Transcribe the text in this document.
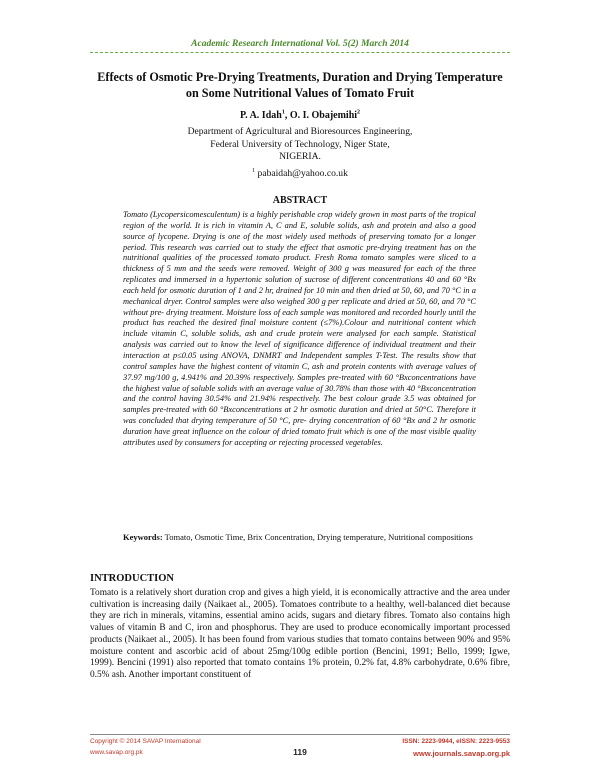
Academic Research International Vol. 5(2) March 2014
Effects of Osmotic Pre-Drying Treatments, Duration and Drying Temperature on Some Nutritional Values of Tomato Fruit
P. A. Idah$^1$, O. I. Obajemihi$^2$
Department of Agricultural and Bioresources Engineering,
Federal University of Technology, Niger State,
NIGERIA.
$^1$ pabaidah@yahoo.co.uk
ABSTRACT
Tomato (Lycopersicomesculentum) is a highly perishable crop widely grown in most parts of the tropical region of the world. It is rich in vitamin A, C and E, soluble solids, ash and protein and also a good source of lycopene. Drying is one of the most widely used methods of preserving tomato for a longer period. This research was carried out to study the effect that osmotic pre-drying treatment has on the nutritional qualities of the processed tomato product. Fresh Roma tomato samples were sliced to a thickness of 5 mm and the seeds were removed. Weight of 300 g was measured for each of the three replicates and immersed in a hypertonic solution of sucrose of different concentrations 40 and 60 °Bx each held for osmotic duration of 1 and 2 hr, drained for 10 min and then dried at 50, 60, and 70 °C in a mechanical dryer. Control samples were also weighed 300 g per replicate and dried at 50, 60, and 70 °C without pre- drying treatment. Moisture loss of each sample was monitored and recorded hourly until the product has reached the desired final moisture content (≤7%).Colour and nutritional content which include vitamin C, soluble solids, ash and crude protein were analysed for each sample. Statistical analysis was carried out to know the level of significance difference of individual treatment and their interaction at p≤0.05 using ANOVA, DNMRT and Independent samples T-Test. The results show that control samples have the highest content of vitamin C, ash and protein contents with average values of 37.97 mg/100 g, 4.941% and 20.39% respectively. Samples pre-treated with 60 °Bxconcentrations have the highest value of soluble solids with an average value of 30.78% than those with 40 °Bxconcentration and the control having 30.54% and 21.94% respectively. The best colour grade 3.5 was obtained for samples pre-treated with 60 °Bxconcentrations at 2 hr osmotic duration and dried at 50°C. Therefore it was concluded that drying temperature of 50 °C, pre- drying concentration of 60 °Bx and 2 hr osmotic duration have great influence on the colour of dried tomato fruit which is one of the most visible quality attributes used by consumers for accepting or rejecting processed vegetables.
Keywords: Tomato, Osmotic Time, Brix Concentration, Drying temperature, Nutritional compositions
INTRODUCTION
Tomato is a relatively short duration crop and gives a high yield, it is economically attractive and the area under cultivation is increasing daily (Naikaet al., 2005). Tomatoes contribute to a healthy, well-balanced diet because they are rich in minerals, vitamins, essential amino acids, sugars and dietary fibres. Tomato also contains high values of vitamin B and C, iron and phosphorus. They are used to produce economically important processed products (Naikaet al., 2005). It has been found from various studies that tomato contains between 90% and 95% moisture content and ascorbic acid of about 25mg/100g edible portion (Bencini, 1991; Bello, 1999; Igwe, 1999). Bencini (1991) also reported that tomato contains 1% protein, 0.2% fat, 4.8% carbohydrate, 0.6% fibre, 0.5% ash. Another important constituent of
Copyright © 2014 SAVAP International	ISSN: 2223-9944, eISSN: 2223-9553
www.savap.org.pk	119	www.journals.savap.org.pk
